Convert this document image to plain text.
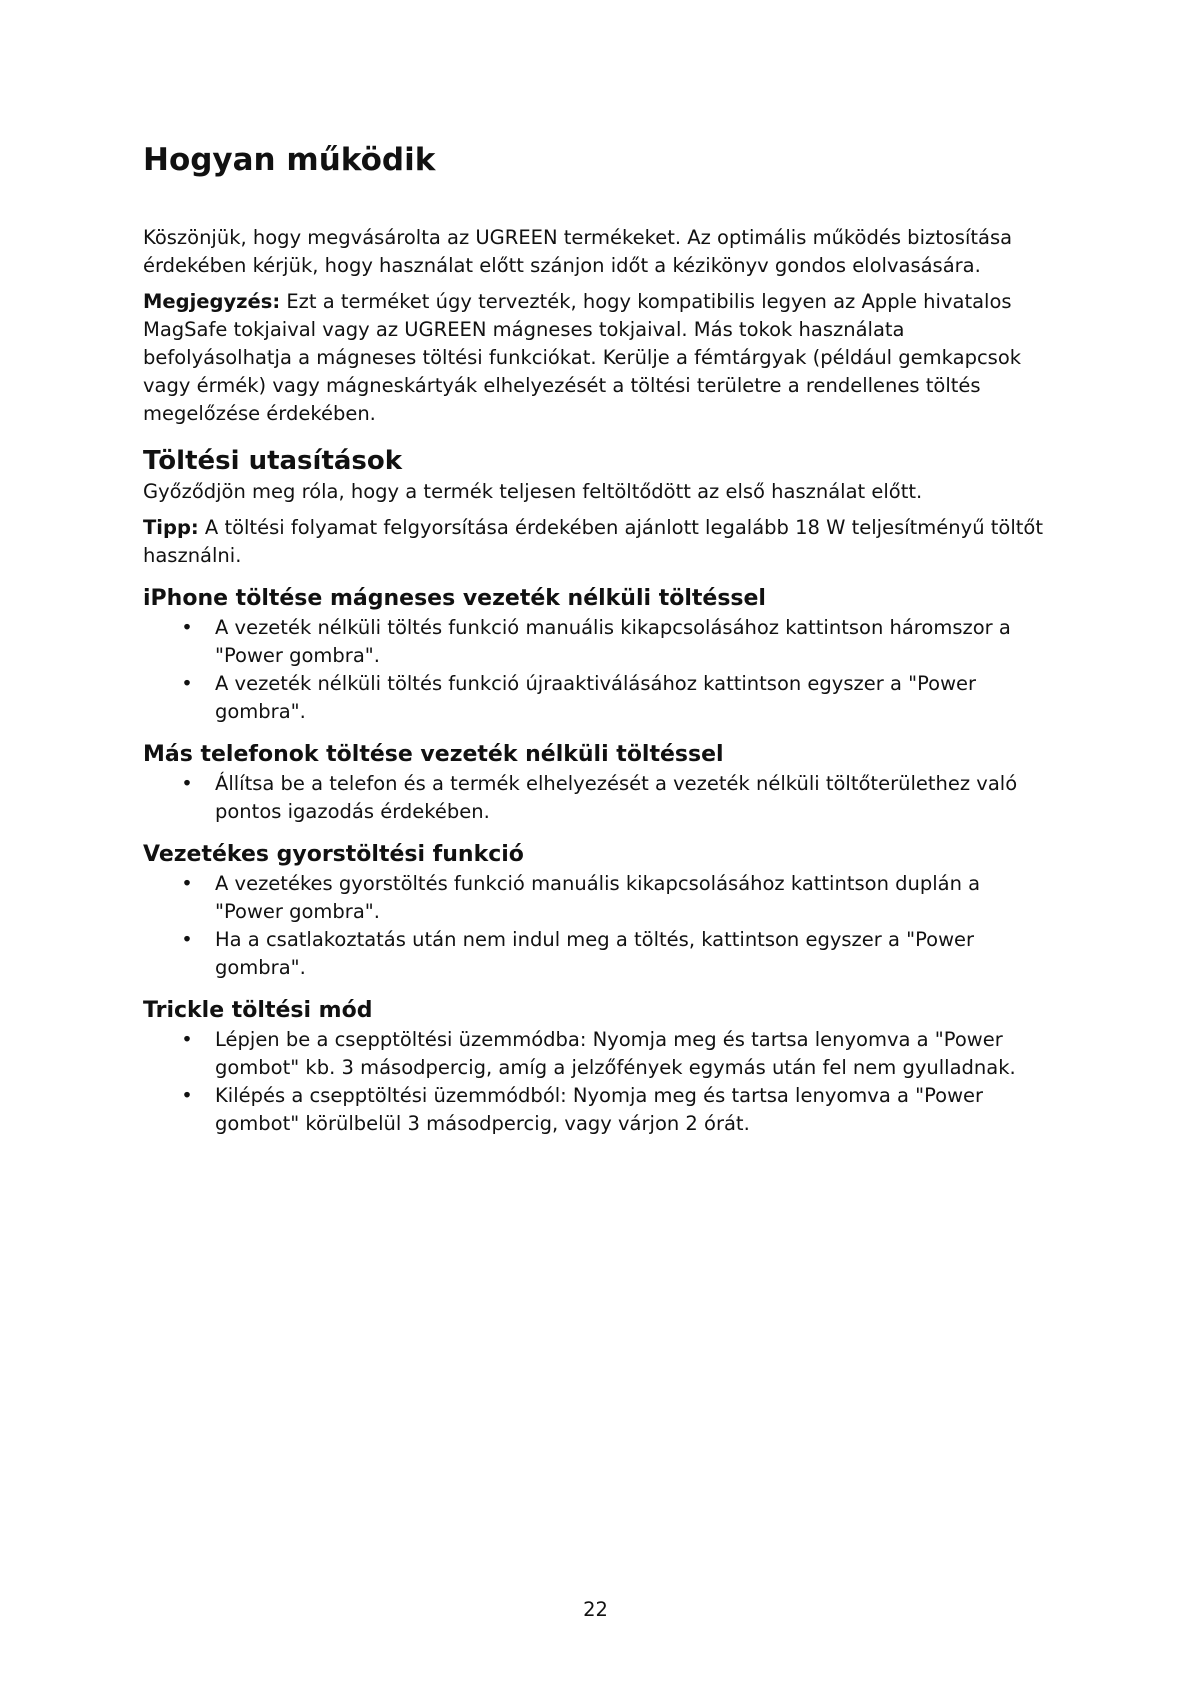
Hogyan működik

Köszönjük, hogy megvásárolta az UGREEN termékeket. Az optimális működés biztosítása érdekében kérjük, hogy használat előtt szánjon időt a kézikönyv gondos elolvasására.

Megjegyzés: Ezt a terméket úgy tervezték, hogy kompatibilis legyen az Apple hivatalos MagSafe tokjaival vagy az UGREEN mágneses tokjaival. Más tokok használata befolyásolhatja a mágneses töltési funkciókat. Kerülje a fémtárgyak (például gemkapcsok vagy érmék) vagy mágneskártyák elhelyezését a töltési területre a rendellenes töltés megelőzése érdekében.

Töltési utasítások

Győződjön meg róla, hogy a termék teljesen feltöltődött az első használat előtt.

Tipp: A töltési folyamat felgyorsítása érdekében ajánlott legalább 18 W teljesítményű töltőt használni.

iPhone töltése mágneses vezeték nélküli töltéssel
• A vezeték nélküli töltés funkció manuális kikapcsolásához kattintson háromszor a "Power gombra".
• A vezeték nélküli töltés funkció újraaktiválásához kattintson egyszer a "Power gombra".
Más telefonok töltése vezeték nélküli töltéssel
• Állítsa be a telefon és a termék elhelyezését a vezeték nélküli töltőterülethez való pontos igazodás érdekében.
Vezetékes gyorstöltési funkció
• A vezetékes gyorstöltés funkció manuális kikapcsolásához kattintson duplán a "Power gombra".
• Ha a csatlakoztatás után nem indul meg a töltés, kattintson egyszer a "Power gombra".
Trickle töltési mód
• Lépjen be a csepptöltési üzemmódba: Nyomja meg és tartsa lenyomva a "Power gombot" kb. 3 másodpercig, amíg a jelzőfények egymás után fel nem gyulladnak.
• Kilépés a csepptöltési üzemmódból: Nyomja meg és tartsa lenyomva a "Power gombot" körülbelül 3 másodpercig, vagy várjon 2 órát.
22
